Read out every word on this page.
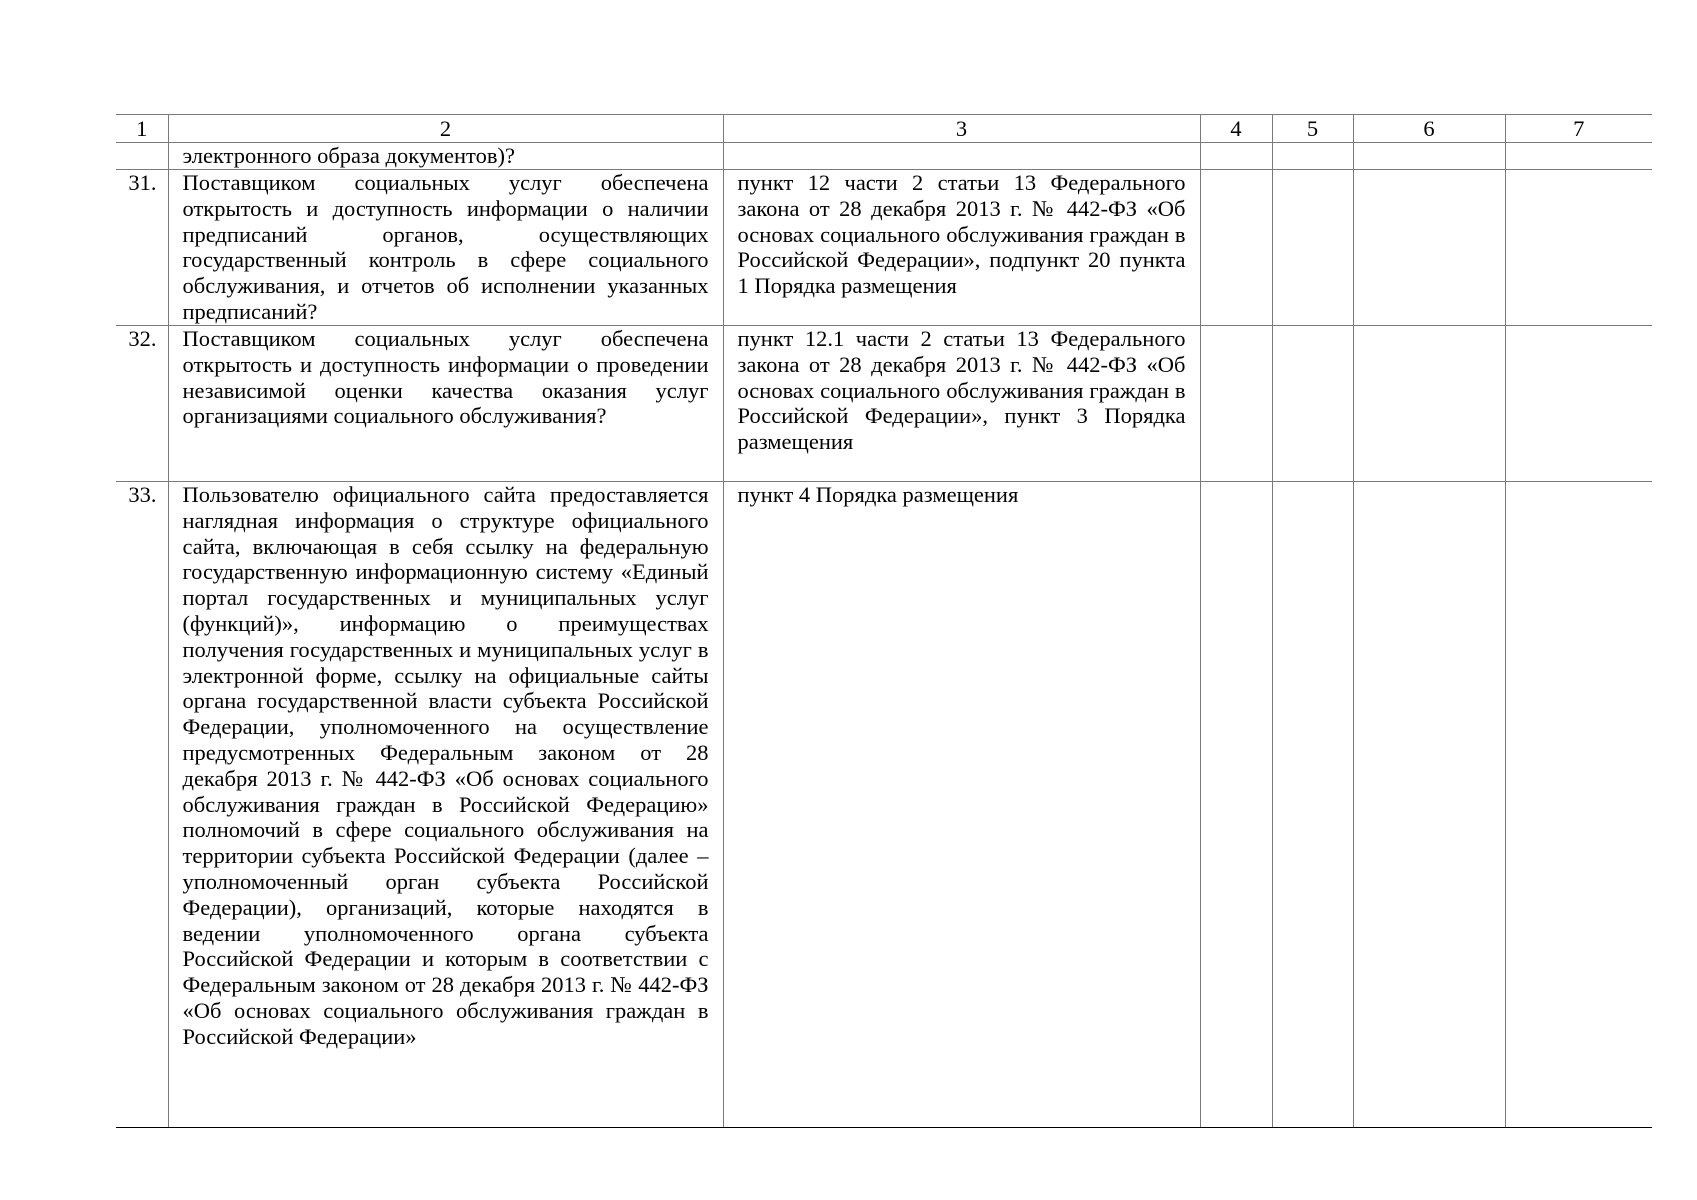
1	2	3	4	5	6	7
	электронного образа документов)?					
31.	Поставщиком социальных услуг обеспечена открытость и доступность информации о наличии предписаний органов, осуществляющих государственный контроль в сфере социального обслуживания, и отчетов об исполнении указанных предписаний?	пункт 12 части 2 статьи 13 Федерального закона от 28 декабря 2013 г. № 442-ФЗ «Об основах социального обслуживания граждан в Российской Федерации», подпункт 20 пункта 1 Порядка размещения				
32.	Поставщиком социальных услуг обеспечена открытость и доступность информации о проведении независимой оценки качества оказания услуг организациями социального обслуживания?	пункт 12.1 части 2 статьи 13 Федерального закона от 28 декабря 2013 г. № 442-ФЗ «Об основах социального обслуживания граждан в Российской Федерации», пункт 3 Порядка размещения				
33.	Пользователю официального сайта предоставляется наглядная информация о структуре официального сайта, включающая в себя ссылку на федеральную государственную информационную систему «Единый портал государственных и муниципальных услуг (функций)», информацию о преимуществах получения государственных и муниципальных услуг в электронной форме, ссылку на официальные сайты органа государственной власти субъекта Российской Федерации, уполномоченного на осуществление предусмотренных Федеральным законом от 28 декабря 2013 г. № 442-ФЗ «Об основах социального обслуживания граждан в Российской Федерацию» полномочий в сфере социального обслуживания на территории субъекта Российской Федерации (далее – уполномоченный орган субъекта Российской Федерации), организаций, которые находятся в ведении уполномоченного органа субъекта Российской Федерации и которым в соответствии с Федеральным законом от 28 декабря 2013 г. № 442-ФЗ «Об основах социального обслуживания граждан в Российской Федерации»	пункт 4 Порядка размещения				
